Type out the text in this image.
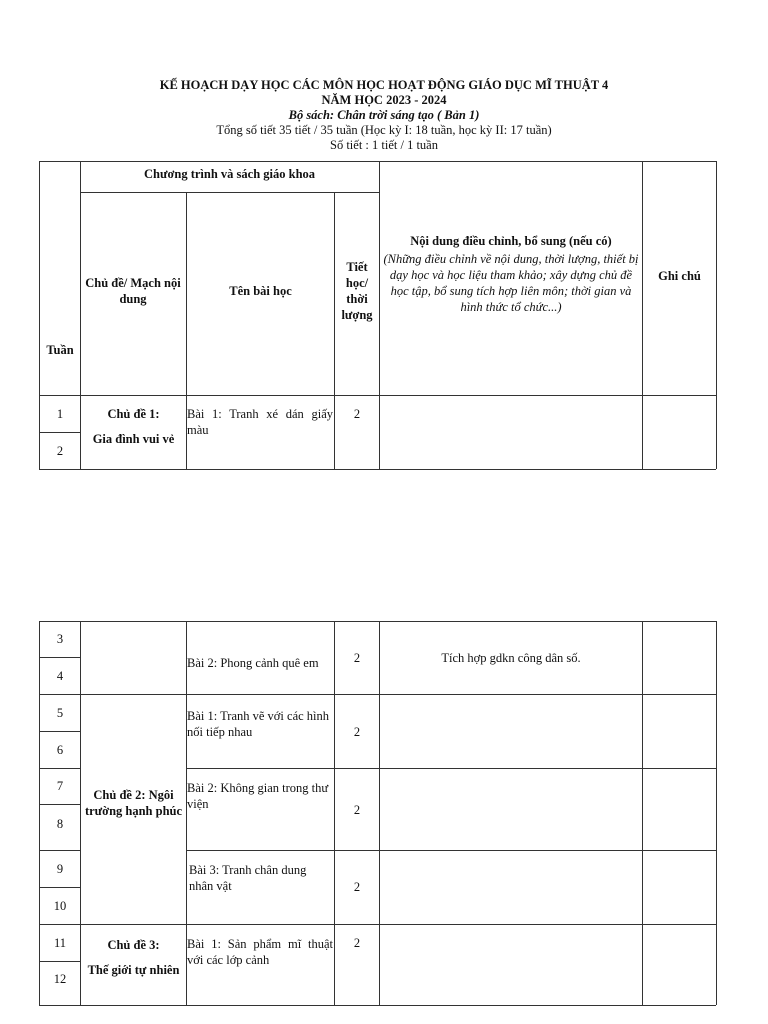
KẾ HOẠCH DẠY HỌC CÁC MÔN HỌC HOẠT ĐỘNG GIÁO DỤC MĨ THUẬT 4
NĂM HỌC 2023 - 2024
Bộ sách: Chân trời sáng tạo ( Bản 1)
Tổng số tiết 35 tiết / 35 tuần (Học kỳ I: 18 tuần, học kỳ II: 17 tuần)
Số tiết : 1 tiết / 1 tuần
Tuần
Chương trình và sách giáo khoa
Chủ đề/ Mạch nội dung
Tên bài học
Tiết học/ thời lượng
Nội dung điều chỉnh, bổ sung (nếu có)
(Những điều chỉnh về nội dung, thời lượng, thiết bị dạy học và học liệu tham khảo; xây dựng chủ đề học tập, bổ sung tích hợp liên môn; thời gian và hình thức tổ chức...)
Ghi chú
1
2
Chủ đề 1:
Gia đình vui vẻ
Bài 1: Tranh xé dán giấy màu
2
3
4
5
6
7
8
9
10
11
12
Chủ đề 2: Ngôi trường hạnh phúc
Chủ đề 3:
Thế giới tự nhiên
Bài 2: Phong cảnh quê em
Bài 1: Tranh vẽ với các hình nối tiếp nhau
Bài 2: Không gian trong thư viện
Bài 3: Tranh chân dung nhân vật
Bài 1: Sản phẩm mĩ thuật với các lớp cảnh
2
2
2
2
2
Tích hợp gdkn công dân số.
